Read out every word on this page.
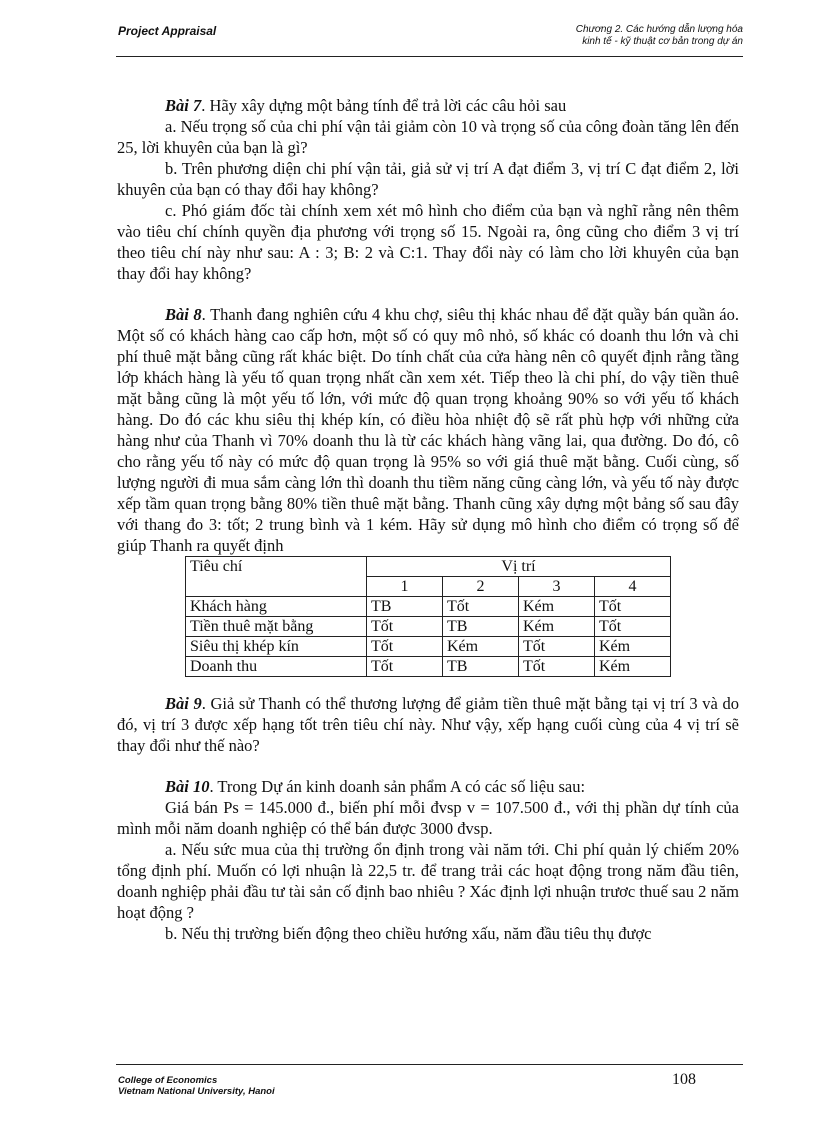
Project Appraisal	Chương 2. Các hướng dẫn lượng hóa
kinh tế - kỹ thuật cơ bản trong dự án

Bài 7. Hãy xây dựng một bảng tính để trả lời các câu hỏi sau

a. Nếu trọng số của chi phí vận tải giảm còn 10 và trọng số của công đoàn tăng lên đến 25, lời khuyên của bạn là gì?

b. Trên phương diện chi phí vận tải, giả sử vị trí A đạt điểm 3, vị trí C đạt điểm 2, lời khuyên của bạn có thay đổi hay không?

c. Phó giám đốc tài chính xem xét mô hình cho điểm của bạn và nghĩ rằng nên thêm vào tiêu chí chính quyền địa phương với trọng số 15. Ngoài ra, ông cũng cho điểm 3 vị trí theo tiêu chí này như sau: A : 3; B: 2 và C:1. Thay đổi này có làm cho lời khuyên của bạn thay đổi hay không?

Bài 8. Thanh đang nghiên cứu 4 khu chợ, siêu thị khác nhau để đặt quầy bán quần áo. Một số có khách hàng cao cấp hơn, một số có quy mô nhỏ, số khác có doanh thu lớn và chi phí thuê mặt bằng cũng rất khác biệt. Do tính chất của cửa hàng nên cô quyết định rằng tầng lớp khách hàng là yếu tố quan trọng nhất cần xem xét. Tiếp theo là chi phí, do vậy tiền thuê mặt bằng cũng là một yếu tố lớn, với mức độ quan trọng khoảng 90% so với yếu tố khách hàng. Do đó các khu siêu thị khép kín, có điều hòa nhiệt độ sẽ rất phù hợp với những cửa hàng như của Thanh vì 70% doanh thu là từ các khách hàng vãng lai, qua đường. Do đó, cô cho rằng yếu tố này có mức độ quan trọng là 95% so với giá thuê mặt bằng. Cuối cùng, số lượng người đi mua sắm càng lớn thì doanh thu tiềm năng cũng càng lớn, và yếu tố này được xếp tầm quan trọng bằng 80% tiền thuê mặt bằng. Thanh cũng xây dựng một bảng số sau đây với thang đo 3: tốt; 2 trung bình và 1 kém. Hãy sử dụng mô hình cho điểm có trọng số để giúp Thanh ra quyết định

Tiêu chí	Vị trí			
	1	2	3	4
Khách hàng	TB	Tốt	Kém	Tốt
Tiền thuê mặt bằng	Tốt	TB	Kém	Tốt
Siêu thị khép kín	Tốt	Kém	Tốt	Kém
Doanh thu	Tốt	TB	Tốt	Kém

Bài 9. Giả sử Thanh có thể thương lượng để giảm tiền thuê mặt bằng tại vị trí 3 và do đó, vị trí 3 được xếp hạng tốt trên tiêu chí này. Như vậy, xếp hạng cuối cùng của 4 vị trí sẽ thay đổi như thế nào?

Bài 10. Trong Dự án kinh doanh sản phẩm A có các số liệu sau:

Giá bán Ps = 145.000 đ., biến phí mỗi đvsp v = 107.500 đ., với thị phần dự tính của mình mỗi năm doanh nghiệp có thể bán được 3000 đvsp.

a. Nếu sức mua của thị trường ổn định trong vài năm tới. Chi phí quản lý chiếm 20% tổng định phí. Muốn có lợi nhuận là 22,5 tr. để trang trải các hoạt động trong năm đầu tiên, doanh nghiệp phải đầu tư tài sản cố định bao nhiêu ? Xác định lợi nhuận trươc thuế sau 2 năm hoạt động ?

b. Nếu thị trường biến động theo chiều hướng xấu, năm đầu tiêu thụ được

College of Economics
Vietnam National University, Hanoi
108
